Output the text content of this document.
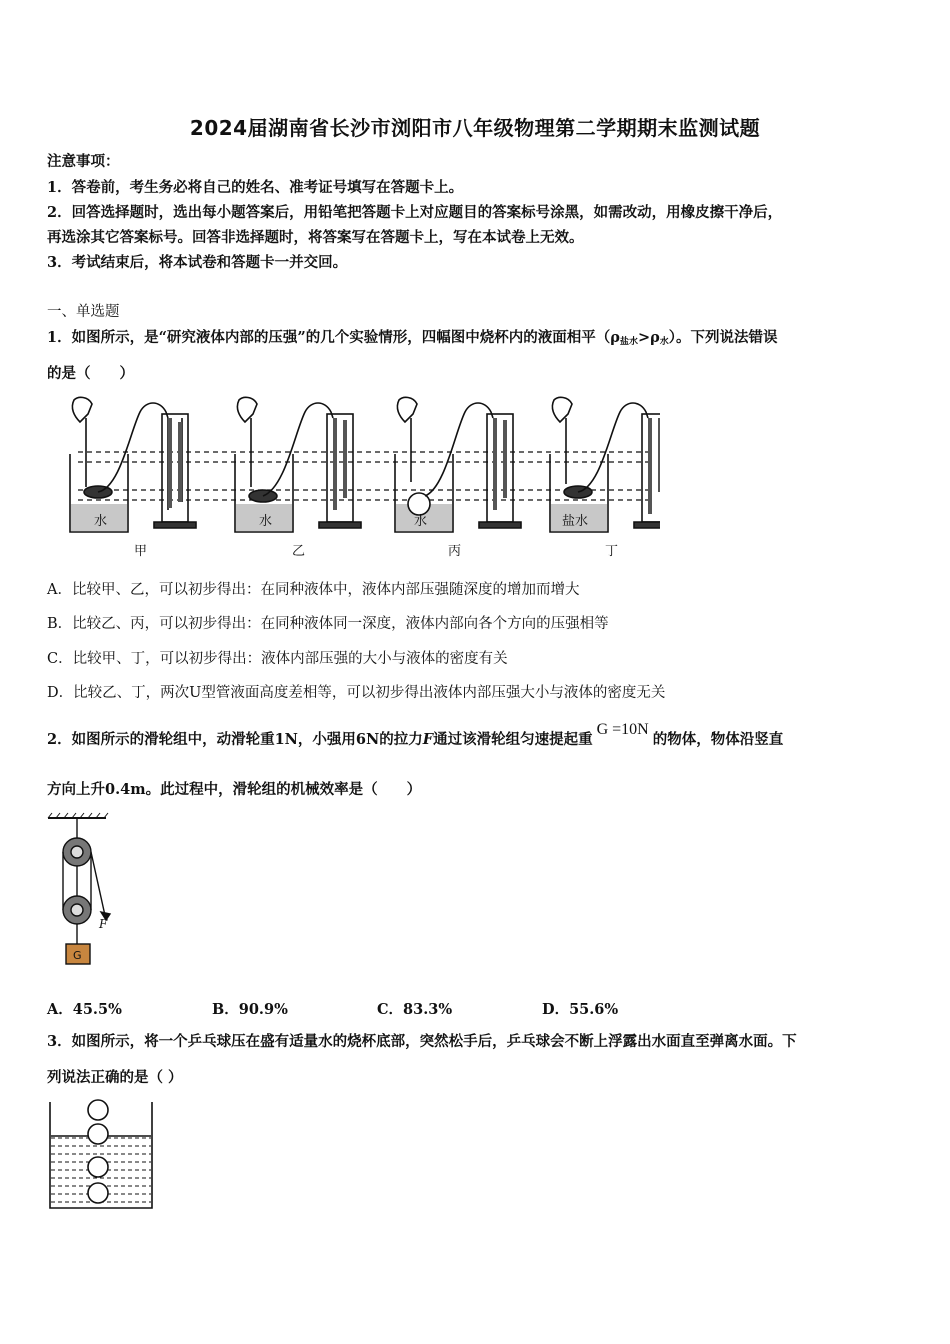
2024届湖南省长沙市浏阳市八年级物理第二学期期末监测试题
注意事项：
1．答卷前，考生务必将自己的姓名、准考证号填写在答题卡上。
2．回答选择题时，选出每小题答案后，用铅笔把答题卡上对应题目的答案标号涂黑，如需改动，用橡皮擦干净后，
再选涂其它答案标号。回答非选择题时，将答案写在答题卡上，写在本试卷上无效。
3．考试结束后，将本试卷和答题卡一并交回。
一、单选题
1．如图所示，是“研究液体内部的压强”的几个实验情形，四幅图中烧杯内的液面相平$(\rho_{盐水}>\rho_水)$。下列说法错误
的是（　　）
水	水	水	盐水
甲	乙	丙	丁
A．比较甲、乙，可以初步得出：在同种液体中，液体内部压强随深度的增加而增大
B．比较乙、丙，可以初步得出：在同种液体同一深度，液体内部向各个方向的压强相等
C．比较甲、丁，可以初步得出：液体内部压强的大小与液体的密度有关
D．比较乙、丁，两次U型管液面高度差相等，可以初步得出液体内部压强大小与液体的密度无关
2．如图所示的滑轮组中，动滑轮重1N，小强用6N的拉力F通过该滑轮组匀速提起重G =10N的物体，物体沿竖直
方向上升0.4m。此过程中，滑轮组的机械效率是（　　）
F
G
A．45.5%	B．90.9%	C．83.3%	D．55.6%
3．如图所示，将一个乒乓球压在盛有适量水的烧杯底部，突然松手后，乒乓球会不断上浮露出水面直至弹离水面。下
列说法正确的是（ ）
